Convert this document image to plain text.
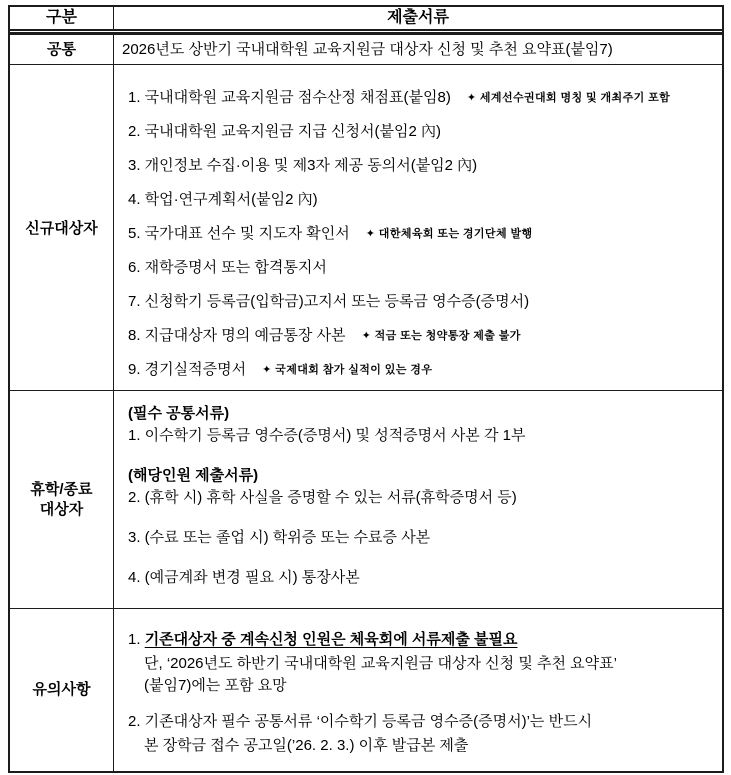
구분	제출서류
공통	2026년도 상반기 국내대학원 교육지원금 대상자 신청 및 추천 요약표(붙임7)
신규대상자
1. 국내대학원 교육지원금 점수산정 채점표(붙임8) ✦ 세계선수권대회 명칭 및 개최주기 포함
2. 국내대학원 교육지원금 지급 신청서(붙임2 內)
3. 개인정보 수집·이용 및 제3자 제공 동의서(붙임2 內)
4. 학업·연구계획서(붙임2 內)
5. 국가대표 선수 및 지도자 확인서 ✦ 대한체육회 또는 경기단체 발행
6. 재학증명서 또는 합격통지서
7. 신청학기 등록금(입학금)고지서 또는 등록금 영수증(증명서)
8. 지급대상자 명의 예금통장 사본 ✦ 적금 또는 청약통장 제출 불가
9. 경기실적증명서 ✦ 국제대회 참가 실적이 있는 경우
휴학/종료
대상자
(필수 공통서류)
1. 이수학기 등록금 영수증(증명서) 및 성적증명서 사본 각 1부
(해당인원 제출서류)
2. (휴학 시) 휴학 사실을 증명할 수 있는 서류(휴학증명서 등)
3. (수료 또는 졸업 시) 학위증 또는 수료증 사본
4. (예금계좌 변경 필요 시) 통장사본
유의사항
1. 기존대상자 중 계속신청 인원은 체육회에 서류제출 불필요
단, ‘2026년도 하반기 국내대학원 교육지원금 대상자 신청 및 추천 요약표’
(붙임7)에는 포함 요망
2. 기존대상자 필수 공통서류 ‘이수학기 등록금 영수증(증명서)’는 반드시
본 장학금 접수 공고일(’26. 2. 3.) 이후 발급본 제출
